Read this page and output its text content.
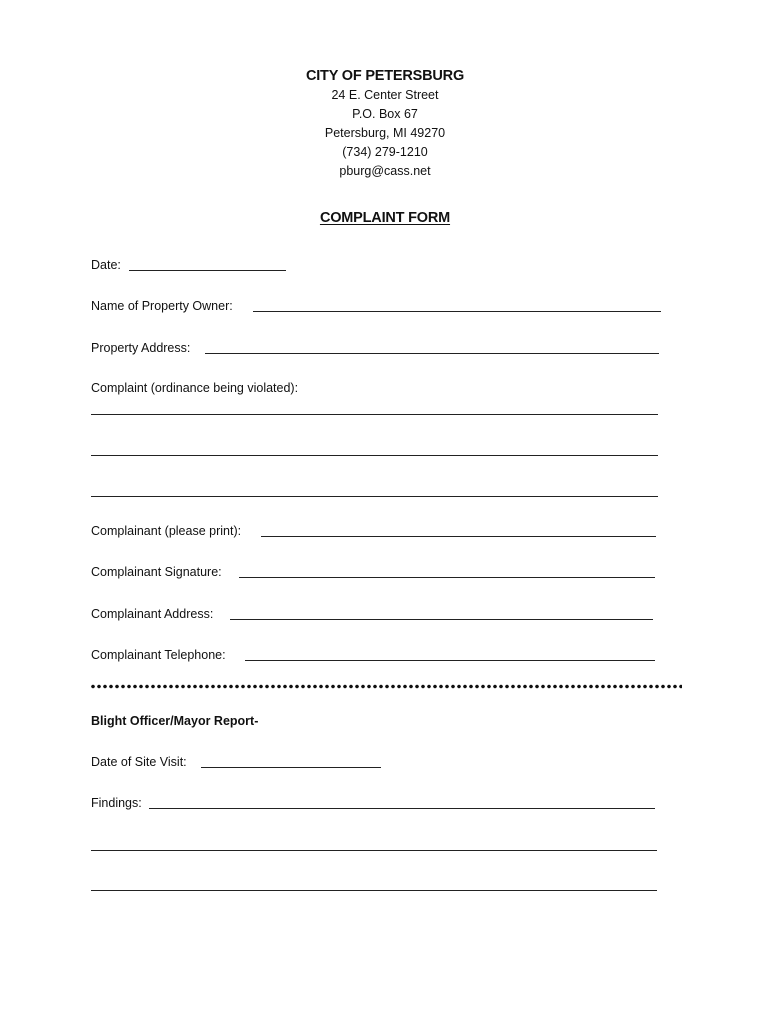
CITY OF PETERSBURG
24 E. Center Street
P.O. Box 67
Petersburg, MI 49270
(734) 279-1210
pburg@cass.net
COMPLAINT FORM
Date:
Name of Property Owner:
Property Address:
Complaint (ordinance being violated):
Complainant (please print):
Complainant Signature:
Complainant Address:
Complainant Telephone:
Blight Officer/Mayor Report-
Date of Site Visit:
Findings:
